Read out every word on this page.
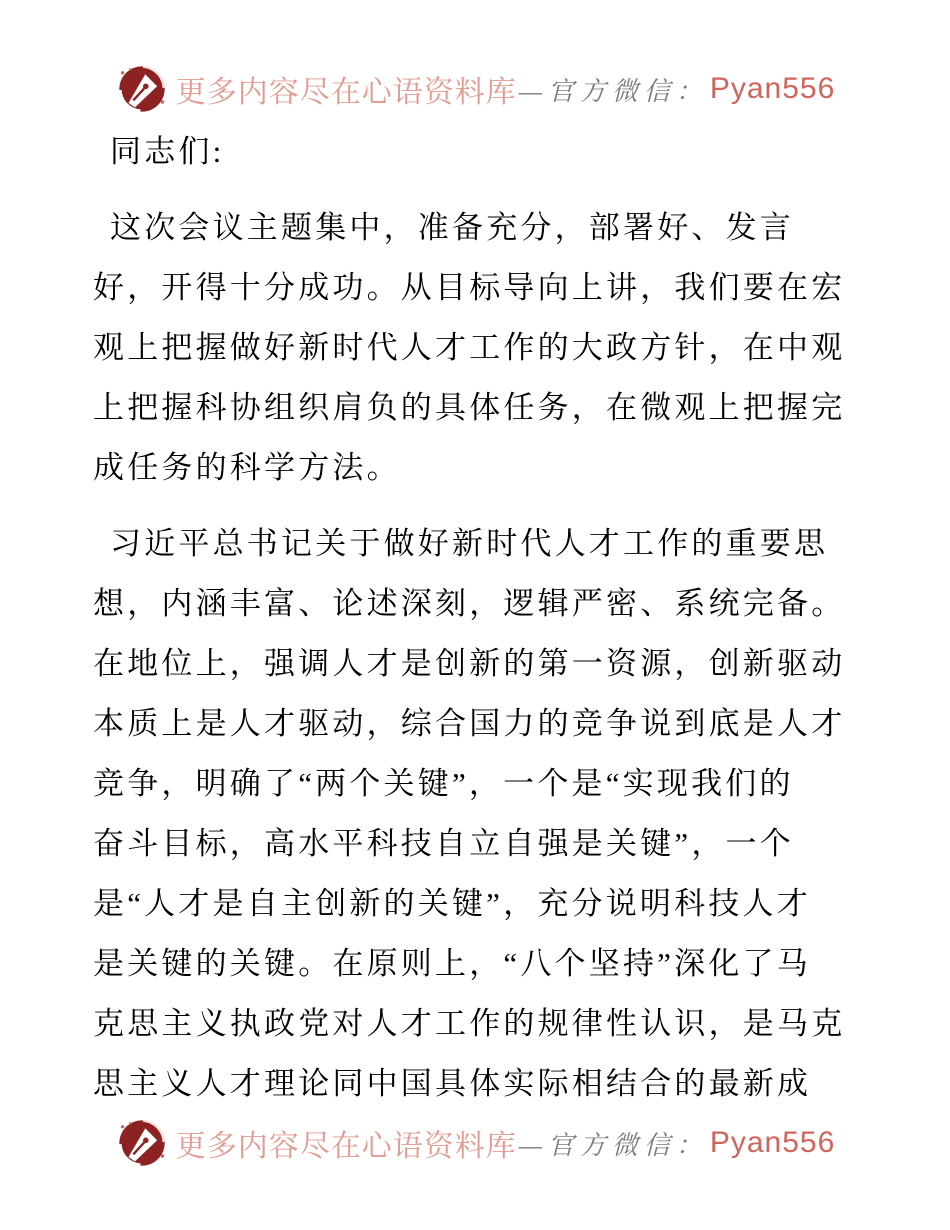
更多内容尽在心语资料库 —官方微信： Pyan556
同志们:
这次会议主题集中，准备充分，部署好、发言
好，开得十分成功。从目标导向上讲，我们要在宏
观上把握做好新时代人才工作的大政方针，在中观
上把握科协组织肩负的具体任务，在微观上把握完
成任务的科学方法。
习近平总书记关于做好新时代人才工作的重要思
想，内涵丰富、论述深刻，逻辑严密、系统完备。
在地位上，强调人才是创新的第一资源，创新驱动
本质上是人才驱动，综合国力的竞争说到底是人才
竞争，明确了“两个关键”，一个是“实现我们的
奋斗目标，高水平科技自立自强是关键”，一个
是“人才是自主创新的关键”，充分说明科技人才
是关键的关键。在原则上，“八个坚持”深化了马
克思主义执政党对人才工作的规律性认识，是马克
思主义人才理论同中国具体实际相结合的最新成
更多内容尽在心语资料库 —官方微信： Pyan556
